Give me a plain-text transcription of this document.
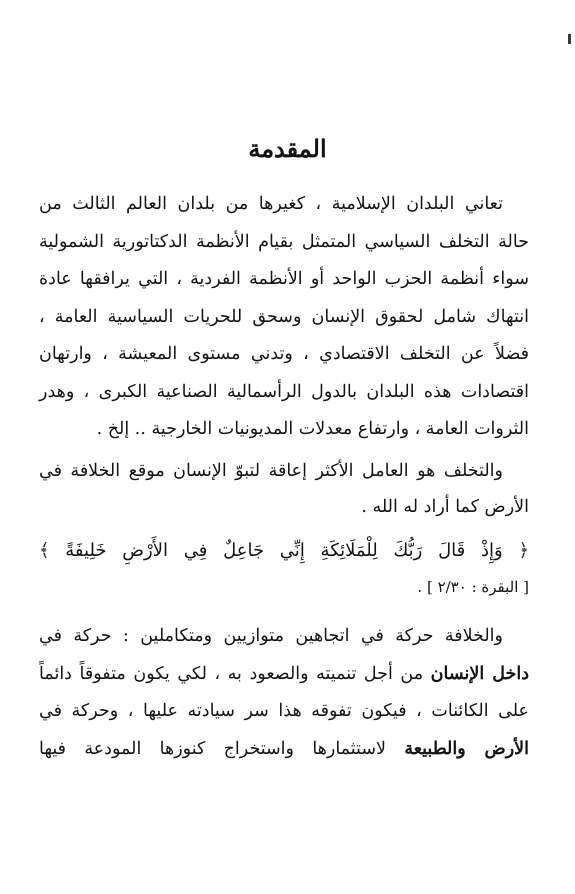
المقدمة
تعاني البلدان الإسلامية ، كغيرها من بلدان العالم الثالث من
حالة التخلف السياسي المتمثل بقيام الأنظمة الدكتاتورية الشمولية
سواء أنظمة الحزب الواحد أو الأنظمة الفردية ، التي يرافقها عادة
انتهاك شامل لحقوق الإنسان وسحق للحريات السياسية العامة ،
فضلاً عن التخلف الاقتصادي ، وتدني مستوى المعيشة ، وارتهان
اقتصادات هذه البلدان بالدول الرأسمالية الصناعية الكبرى ، وهدر
الثروات العامة ، وارتفاع معدلات المديونيات الخارجية .. إلخ .
والتخلف هو العامل الأكثر إعاقة لتبوّ الإنسان موقع الخلافة في
الأرض كما أراد له الله .
﴿ وَإِذْ قَالَ رَبُّكَ لِلْمَلَائِكَةِ إِنِّي جَاعِلٌ فِي الأَرْضِ خَلِيفَةً ﴾
[ البقرة : ٢/٣٠ ] .
والخلافة حركة في اتجاهين متوازيين ومتكاملين : حركة في
داخل الإنسان من أجل تنميته والصعود به ، لكي يكون متفوقاً دائماً
على الكائنات ، فيكون تفوقه هذا سر سيادته عليها ، وحركة في
الأرض والطبيعة لاستثمارها واستخراج كنوزها المودعة فيها
